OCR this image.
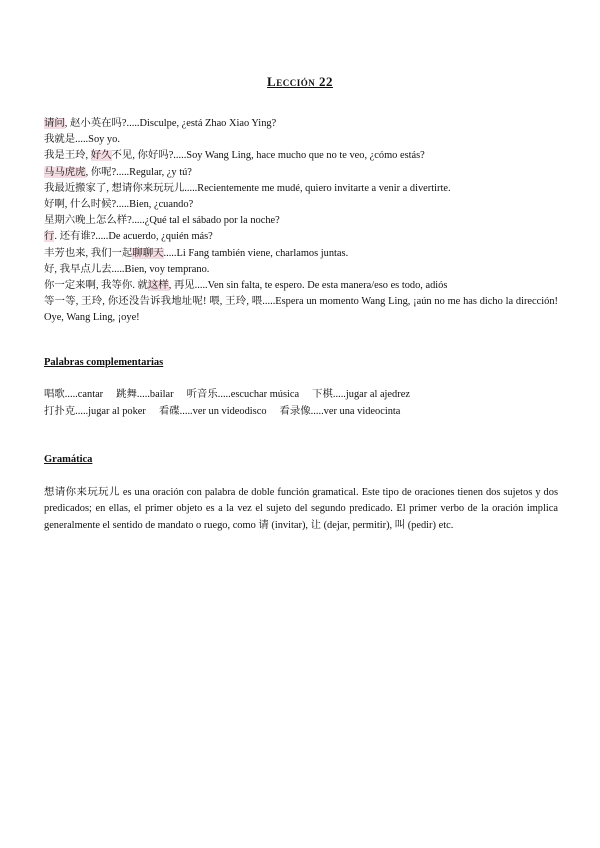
Lección 22
请问, 赵小英在吗?.....Disculpe, ¿está Zhao Xiao Ying?
我就是.....Soy yo.
我是王玲, 好久不见, 你好吗?.....Soy Wang Ling, hace mucho que no te veo, ¿cómo estás?
马马虎虎, 你呢?.....Regular, ¿y tú?
我最近搬家了, 想请你来玩玩儿.....Recientemente me mudé, quiero invitarte a venir a divertirte.
好啊, 什么时候?.....Bien, ¿cuando?
星期六晚上怎么样?.....¿Qué tal el sábado por la noche?
行. 还有谁?.....De acuerdo, ¿quién más?
丰芳也来, 我们一起聊聊天.....Li Fang también viene, charlamos juntas.
好, 我早点儿去.....Bien, voy temprano.
你一定来啊, 我等你. 就这样, 再见.....Ven sin falta, te espero. De esta manera/eso es todo, adiós
等一等, 王玲, 你还没告诉我地址呢! 喂, 王玲, 喂.....Espera un momento Wang Ling, ¡aún no me has dicho la dirección! Oye, Wang Ling, ¡oye!
Palabras complementarias
唱歌.....cantar 跳舞.....bailar 听音乐.....escuchar música 下棋.....jugar al ajedrez
打扑克.....jugar al poker 看碟.....ver un videodisco 看录像.....ver una videocinta
Gramática
想请你来玩玩儿 es una oración con palabra de doble función gramatical. Este tipo de oraciones tienen dos sujetos y dos predicados; en ellas, el primer objeto es a la vez el sujeto del segundo predicado. El primer verbo de la oración implica generalmente el sentido de mandato o ruego, como 请 (invitar), 让 (dejar, permitir), 叫 (pedir) etc.
